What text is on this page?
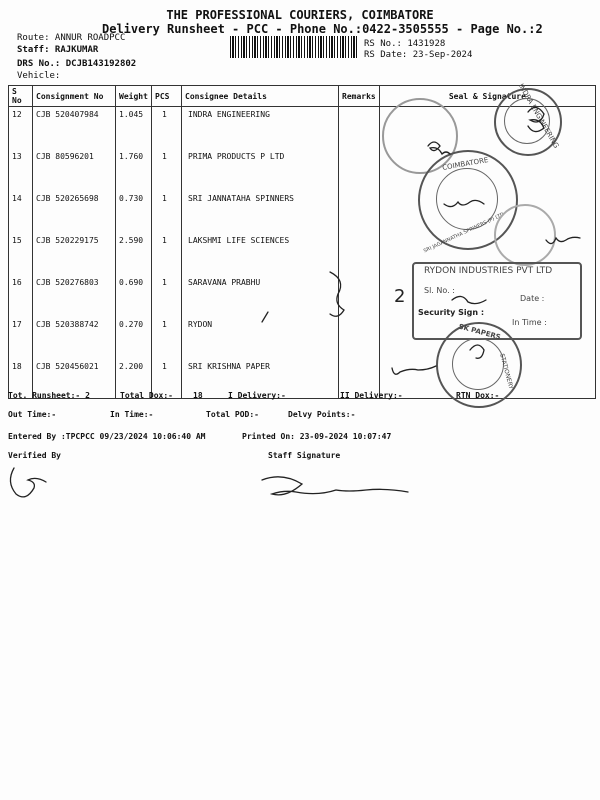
THE PROFESSIONAL COURIERS, COIMBATORE
Delivery Runsheet - PCC - Phone No.:0422-3505555 - Page No.:2
Route: ANNUR ROADPCC
Staff: RAJKUMAR
DRS No.: DCJB143192802
Vehicle:
RS No.: 1431928
RS Date: 23-Sep-2024
S No	Consignment No	Weight	PCS	Consignee Details	Remarks	Seal & Signature
12	CJB 520407984	1.045	1	INDRA ENGINEERING		
13	CJB 80596201	1.760	1	PRIMA PRODUCTS P LTD		
14	CJB 520265698	0.730	1	SRI JANNATAHA SPINNERS		
15	CJB 520229175	2.590	1	LAKSHMI LIFE SCIENCES		
16	CJB 520276803	0.690	1	SARAVANA PRABHU		
17	CJB 520388742	0.270	1	RYDON		
18	CJB 520456021	2.200	1	SRI KRISHNA PAPER		
INDRA ENGINEERING
COIMBATORE
SRI JAGANNATHA SPINNERS (P) LTD
RYDON INDUSTRIES PVT LTD
Sl. No. :
Date :
Security Sign :
In Time :
SK PAPERS
STATIONERY
2
Tot. Runsheet:- 2	Total Dox:-	18	I Delivery:-	II Delivery:-	RTN Dox:-
Out Time:-	In Time:-	Total POD:-	Delvy Points:-
Entered By :TPCPCC 09/23/2024 10:06:40 AM	Printed On: 23-09-2024 10:07:47
Verified By	Staff Signature
